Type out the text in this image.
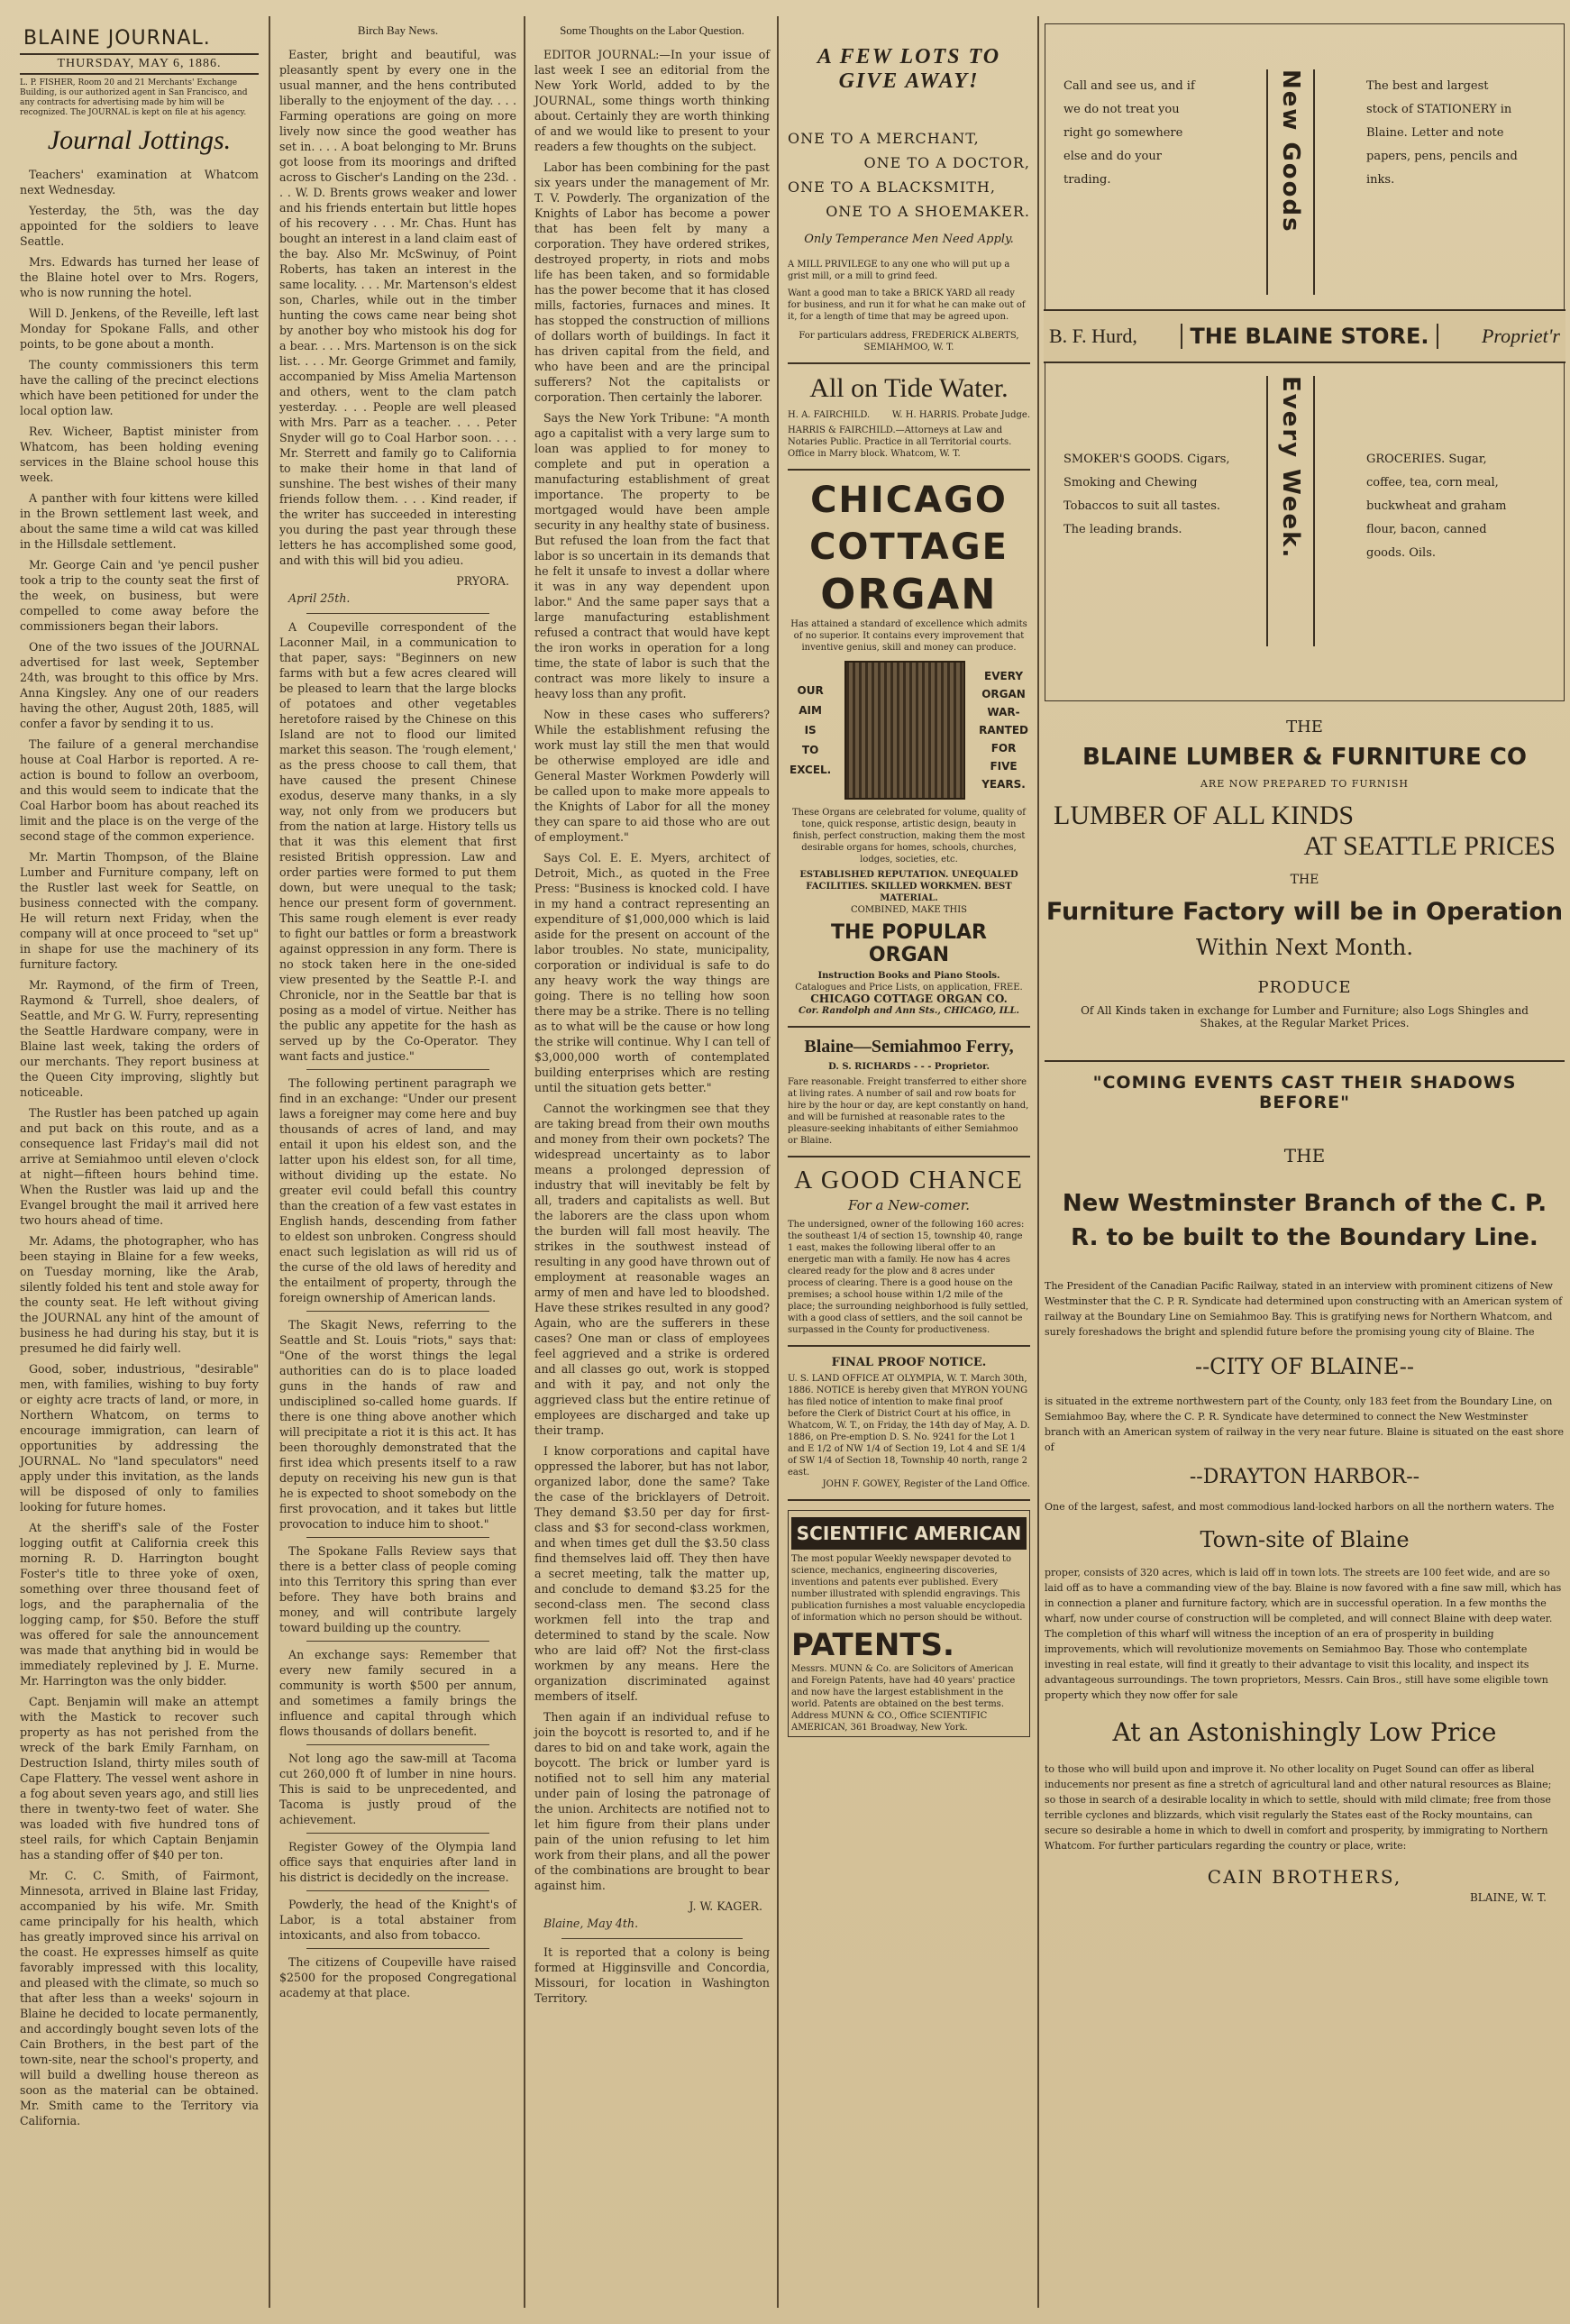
BLAINE JOURNAL.
THURSDAY, MAY 6, 1886.
L. P. FISHER, Room 20 and 21 Merchants' Exchange Building, is our authorized agent in San Francisco, and any contracts for advertising made by him will be recognized. The JOURNAL is kept on file at his agency.
Journal Jottings.

Teachers' examination at Whatcom next Wednesday.

Yesterday, the 5th, was the day appointed for the soldiers to leave Seattle.

Mrs. Edwards has turned her lease of the Blaine hotel over to Mrs. Rogers, who is now running the hotel.

Will D. Jenkens, of the Reveille, left last Monday for Spokane Falls, and other points, to be gone about a month.

The county commissioners this term have the calling of the precinct elections which have been petitioned for under the local option law.

Rev. Wicheer, Baptist minister from Whatcom, has been holding evening services in the Blaine school house this week.

A panther with four kittens were killed in the Brown settlement last week, and about the same time a wild cat was killed in the Hillsdale settlement.

Mr. George Cain and 'ye pencil pusher took a trip to the county seat the first of the week, on business, but were compelled to come away before the commissioners began their labors.

One of the two issues of the JOURNAL advertised for last week, September 24th, was brought to this office by Mrs. Anna Kingsley. Any one of our readers having the other, August 20th, 1885, will confer a favor by sending it to us.

The failure of a general merchandise house at Coal Harbor is reported. A re-action is bound to follow an overboom, and this would seem to indicate that the Coal Harbor boom has about reached its limit and the place is on the verge of the second stage of the common experience.

Mr. Martin Thompson, of the Blaine Lumber and Furniture company, left on the Rustler last week for Seattle, on business connected with the company. He will return next Friday, when the company will at once proceed to "set up" in shape for use the machinery of its furniture factory.

Mr. Raymond, of the firm of Treen, Raymond & Turrell, shoe dealers, of Seattle, and Mr G. W. Furry, representing the Seattle Hardware company, were in Blaine last week, taking the orders of our merchants. They report business at the Queen City improving, slightly but noticeable.

The Rustler has been patched up again and put back on this route, and as a consequence last Friday's mail did not arrive at Semiahmoo until eleven o'clock at night—fifteen hours behind time. When the Rustler was laid up and the Evangel brought the mail it arrived here two hours ahead of time.

Mr. Adams, the photographer, who has been staying in Blaine for a few weeks, on Tuesday morning, like the Arab, silently folded his tent and stole away for the county seat. He left without giving the JOURNAL any hint of the amount of business he had during his stay, but it is presumed he did fairly well.

Good, sober, industrious, "desirable" men, with families, wishing to buy forty or eighty acre tracts of land, or more, in Northern Whatcom, on terms to encourage immigration, can learn of opportunities by addressing the JOURNAL. No "land speculators" need apply under this invitation, as the lands will be disposed of only to families looking for future homes.

At the sheriff's sale of the Foster logging outfit at California creek this morning R. D. Harrington bought Foster's title to three yoke of oxen, something over three thousand feet of logs, and the paraphernalia of the logging camp, for $50. Before the stuff was offered for sale the announcement was made that anything bid in would be immediately replevined by J. E. Murne. Mr. Harrington was the only bidder.

Capt. Benjamin will make an attempt with the Mastick to recover such property as has not perished from the wreck of the bark Emily Farnham, on Destruction Island, thirty miles south of Cape Flattery. The vessel went ashore in a fog about seven years ago, and still lies there in twenty-two feet of water. She was loaded with five hundred tons of steel rails, for which Captain Benjamin has a standing offer of $40 per ton.

Mr. C. C. Smith, of Fairmont, Minnesota, arrived in Blaine last Friday, accompanied by his wife. Mr. Smith came principally for his health, which has greatly improved since his arrival on the coast. He expresses himself as quite favorably impressed with this locality, and pleased with the climate, so much so that after less than a weeks' sojourn in Blaine he decided to locate permanently, and accordingly bought seven lots of the Cain Brothers, in the best part of the town-site, near the school's property, and will build a dwelling house thereon as soon as the material can be obtained. Mr. Smith came to the Territory via California.

Birch Bay News.

Easter, bright and beautiful, was pleasantly spent by every one in the usual manner, and the hens contributed liberally to the enjoyment of the day. . . . Farming operations are going on more lively now since the good weather has set in. . . . A boat belonging to Mr. Bruns got loose from its moorings and drifted across to Gischer's Landing on the 23d. . . . W. D. Brents grows weaker and lower and his friends entertain but little hopes of his recovery . . . Mr. Chas. Hunt has bought an interest in a land claim east of the bay. Also Mr. McSwinuy, of Point Roberts, has taken an interest in the same locality. . . . Mr. Martenson's eldest son, Charles, while out in the timber hunting the cows came near being shot by another boy who mistook his dog for a bear. . . . Mrs. Martenson is on the sick list. . . . Mr. George Grimmet and family, accompanied by Miss Amelia Martenson and others, went to the clam patch yesterday. . . . People are well pleased with Mrs. Parr as a teacher. . . . Peter Snyder will go to Coal Harbor soon. . . . Mr. Sterrett and family go to California to make their home in that land of sunshine. The best wishes of their many friends follow them. . . . Kind reader, if the writer has succeeded in interesting you during the past year through these letters he has accomplished some good, and with this will bid you adieu.

PRYORA.
April 25th.

A Coupeville correspondent of the Laconner Mail, in a communication to that paper, says: "Beginners on new farms with but a few acres cleared will be pleased to learn that the large blocks of potatoes and other vegetables heretofore raised by the Chinese on this Island are not to flood our limited market this season. The 'rough element,' as the press choose to call them, that have caused the present Chinese exodus, deserve many thanks, in a sly way, not only from we producers but from the nation at large. History tells us that it was this element that first resisted British oppression. Law and order parties were formed to put them down, but were unequal to the task; hence our present form of government. This same rough element is ever ready to fight our battles or form a breastwork against oppression in any form. There is no stock taken here in the one-sided view presented by the Seattle P.-I. and Chronicle, nor in the Seattle bar that is posing as a model of virtue. Neither has the public any appetite for the hash as served up by the Co-Operator. They want facts and justice."

The following pertinent paragraph we find in an exchange: "Under our present laws a foreigner may come here and buy thousands of acres of land, and may entail it upon his eldest son, and the latter upon his eldest son, for all time, without dividing up the estate. No greater evil could befall this country than the creation of a few vast estates in English hands, descending from father to eldest son unbroken. Congress should enact such legislation as will rid us of the curse of the old laws of heredity and the entailment of property, through the foreign ownership of American lands.

The Skagit News, referring to the Seattle and St. Louis "riots," says that: "One of the worst things the legal authorities can do is to place loaded guns in the hands of raw and undisciplined so-called home guards. If there is one thing above another which will precipitate a riot it is this act. It has been thoroughly demonstrated that the first idea which presents itself to a raw deputy on receiving his new gun is that he is expected to shoot somebody on the first provocation, and it takes but little provocation to induce him to shoot."

The Spokane Falls Review says that there is a better class of people coming into this Territory this spring than ever before. They have both brains and money, and will contribute largely toward building up the country.

An exchange says: Remember that every new family secured in a community is worth $500 per annum, and sometimes a family brings the influence and capital through which flows thousands of dollars benefit.

Not long ago the saw-mill at Tacoma cut 260,000 ft of lumber in nine hours. This is said to be unprecedented, and Tacoma is justly proud of the achievement.

Register Gowey of the Olympia land office says that enquiries after land in his district is decidedly on the increase.

Powderly, the head of the Knight's of Labor, is a total abstainer from intoxicants, and also from tobacco.

The citizens of Coupeville have raised $2500 for the proposed Congregational academy at that place.

Some Thoughts on the Labor Question.

EDITOR JOURNAL:—In your issue of last week I see an editorial from the New York World, added to by the JOURNAL, some things worth thinking about. Certainly they are worth thinking of and we would like to present to your readers a few thoughts on the subject.

Labor has been combining for the past six years under the management of Mr. T. V. Powderly. The organization of the Knights of Labor has become a power that has been felt by many a corporation. They have ordered strikes, destroyed property, in riots and mobs life has been taken, and so formidable has the power become that it has closed mills, factories, furnaces and mines. It has stopped the construction of millions of dollars worth of buildings. In fact it has driven capital from the field, and who have been and are the principal sufferers? Not the capitalists or corporation. Then certainly the laborer.

Says the New York Tribune: "A month ago a capitalist with a very large sum to loan was applied to for money to complete and put in operation a manufacturing establishment of great importance. The property to be mortgaged would have been ample security in any healthy state of business. But refused the loan from the fact that labor is so uncertain in its demands that he felt it unsafe to invest a dollar where it was in any way dependent upon labor." And the same paper says that a large manufacturing establishment refused a contract that would have kept the iron works in operation for a long time, the state of labor is such that the contract was more likely to insure a heavy loss than any profit.

Now in these cases who sufferers? While the establishment refusing the work must lay still the men that would be otherwise employed are idle and General Master Workmen Powderly will be called upon to make more appeals to the Knights of Labor for all the money they can spare to aid those who are out of employment."

Says Col. E. E. Myers, architect of Detroit, Mich., as quoted in the Free Press: "Business is knocked cold. I have in my hand a contract representing an expenditure of $1,000,000 which is laid aside for the present on account of the labor troubles. No state, municipality, corporation or individual is safe to do any heavy work the way things are going. There is no telling how soon there may be a strike. There is no telling as to what will be the cause or how long the strike will continue. Why I can tell of $3,000,000 worth of contemplated building enterprises which are resting until the situation gets better."

Cannot the workingmen see that they are taking bread from their own mouths and money from their own pockets? The widespread uncertainty as to labor means a prolonged depression of industry that will inevitably be felt by all, traders and capitalists as well. But the laborers are the class upon whom the burden will fall most heavily. The strikes in the southwest instead of resulting in any good have thrown out of employment at reasonable wages an army of men and have led to bloodshed. Have these strikes resulted in any good? Again, who are the sufferers in these cases? One man or class of employees feel aggrieved and a strike is ordered and all classes go out, work is stopped and with it pay, and not only the aggrieved class but the entire retinue of employees are discharged and take up their tramp.

I know corporations and capital have oppressed the laborer, but has not labor, organized labor, done the same? Take the case of the bricklayers of Detroit. They demand $3.50 per day for first-class and $3 for second-class workmen, and when times get dull the $3.50 class find themselves laid off. They then have a secret meeting, talk the matter up, and conclude to demand $3.25 for the second-class men. The second class workmen fell into the trap and determined to stand by the scale. Now who are laid off? Not the first-class workmen by any means. Here the organization discriminated against members of itself.

Then again if an individual refuse to join the boycott is resorted to, and if he dares to bid on and take work, again the boycott. The brick or lumber yard is notified not to sell him any material under pain of losing the patronage of the union. Architects are notified not to let him figure from their plans under pain of the union refusing to let him work from their plans, and all the power of the combinations are brought to bear against him.

J. W. KAGER.
Blaine, May 4th.

It is reported that a colony is being formed at Higginsville and Concordia, Missouri, for location in Washington Territory.

A FEW LOTS TO GIVE AWAY!
ONE TO A MERCHANT,
ONE TO A DOCTOR,
ONE TO A BLACKSMITH,
ONE TO A SHOEMAKER.
Only Temperance Men Need Apply.
A MILL PRIVILEGE to any one who will put up a grist mill, or a mill to grind feed.
Want a good man to take a BRICK YARD all ready for business, and run it for what he can make out of it, for a length of time that may be agreed upon.
For particulars address, FREDERICK ALBERTS, SEMIAHMOO, W. T.
All on Tide Water.
H. A. FAIRCHILD. W. H. HARRIS. Probate Judge.
HARRIS & FAIRCHILD.—Attorneys at Law and Notaries Public. Practice in all Territorial courts. Office in Marry block. Whatcom, W. T.
CHICAGO
COTTAGE
ORGAN
Has attained a standard of excellence which admits of no superior. It contains every improvement that inventive genius, skill and money can produce.
OUR
AIM
IS
TO
EXCEL.
EVERY
ORGAN
WAR-
RANTED
FOR
FIVE
YEARS.
These Organs are celebrated for volume, quality of tone, quick response, artistic design, beauty in finish, perfect construction, making them the most desirable organs for homes, schools, churches, lodges, societies, etc.
ESTABLISHED REPUTATION. UNEQUALED FACILITIES. SKILLED WORKMEN. BEST MATERIAL.
COMBINED, MAKE THIS
THE POPULAR ORGAN
Instruction Books and Piano Stools.
Catalogues and Price Lists, on application, FREE.
CHICAGO COTTAGE ORGAN CO.
Cor. Randolph and Ann Sts., CHICAGO, ILL.
Blaine—Semiahmoo Ferry,
D. S. RICHARDS - - - Proprietor.
Fare reasonable. Freight transferred to either shore at living rates. A number of sail and row boats for hire by the hour or day, are kept constantly on hand, and will be furnished at reasonable rates to the pleasure-seeking inhabitants of either Semiahmoo or Blaine.
A GOOD CHANCE
For a New-comer.
The undersigned, owner of the following 160 acres: the southeast 1/4 of section 15, township 40, range 1 east, makes the following liberal offer to an energetic man with a family. He now has 4 acres cleared ready for the plow and 8 acres under process of clearing. There is a good house on the premises; a school house within 1/2 mile of the place; the surrounding neighborhood is fully settled, with a good class of settlers, and the soil cannot be surpassed in the County for productiveness.
FINAL PROOF NOTICE.
U. S. LAND OFFICE AT OLYMPIA, W. T. March 30th, 1886. NOTICE is hereby given that MYRON YOUNG has filed notice of intention to make final proof before the Clerk of District Court at his office, in Whatcom, W. T., on Friday, the 14th day of May, A. D. 1886, on Pre-emption D. S. No. 9241 for the Lot 1 and E 1/2 of NW 1/4 of Section 19, Lot 4 and SE 1/4 of SW 1/4 of Section 18, Township 40 north, range 2 east.
JOHN F. GOWEY, Register of the Land Office.
SCIENTIFIC AMERICAN
The most popular Weekly newspaper devoted to science, mechanics, engineering discoveries, inventions and patents ever published. Every number illustrated with splendid engravings. This publication furnishes a most valuable encyclopedia of information which no person should be without.
PATENTS.
Messrs. MUNN & Co. are Solicitors of American and Foreign Patents, have had 40 years' practice and now have the largest establishment in the world. Patents are obtained on the best terms. Address MUNN & CO., Office SCIENTIFIC AMERICAN, 361 Broadway, New York.
Call and see us, and if we do not treat you right go somewhere else and do your trading.	New Goods	The best and largest stock of STATIONERY in Blaine. Letter and note papers, pens, pencils and inks.
B. F. Hurd,	THE BLAINE STORE.	Propriet'r
SMOKER'S GOODS. Cigars, Smoking and Chewing Tobaccos to suit all tastes. The leading brands.	Every Week.	GROCERIES. Sugar, coffee, tea, corn meal, buckwheat and graham flour, bacon, canned goods. Oils.
THE
BLAINE LUMBER & FURNITURE CO
ARE NOW PREPARED TO FURNISH
LUMBER OF ALL KINDS
AT SEATTLE PRICES
THE
Furniture Factory will be in Operation
Within Next Month.
PRODUCE
Of All Kinds taken in exchange for Lumber and Furniture; also Logs Shingles and Shakes, at the Regular Market Prices.
"COMING EVENTS CAST THEIR SHADOWS BEFORE"
THE
New Westminster Branch of the C. P. R. to be built to the Boundary Line.
The President of the Canadian Pacific Railway, stated in an interview with prominent citizens of New Westminster that the C. P. R. Syndicate had determined upon constructing with an American system of railway at the Boundary Line on Semiahmoo Bay. This is gratifying news for Northern Whatcom, and surely foreshadows the bright and splendid future before the promising young city of Blaine. The
--CITY OF BLAINE--
is situated in the extreme northwestern part of the County, only 183 feet from the Boundary Line, on Semiahmoo Bay, where the C. P. R. Syndicate have determined to connect the New Westminster branch with an American system of railway in the very near future. Blaine is situated on the east shore of
--DRAYTON HARBOR--
One of the largest, safest, and most commodious land-locked harbors on all the northern waters. The
Town-site of Blaine
proper, consists of 320 acres, which is laid off in town lots. The streets are 100 feet wide, and are so laid off as to have a commanding view of the bay. Blaine is now favored with a fine saw mill, which has in connection a planer and furniture factory, which are in successful operation. In a few months the wharf, now under course of construction will be completed, and will connect Blaine with deep water. The completion of this wharf will witness the inception of an era of prosperity in building improvements, which will revolutionize movements on Semiahmoo Bay. Those who contemplate investing in real estate, will find it greatly to their advantage to visit this locality, and inspect its advantageous surroundings. The town proprietors, Messrs. Cain Bros., still have some eligible town property which they now offer for sale
At an Astonishingly Low Price
to those who will build upon and improve it. No other locality on Puget Sound can offer as liberal inducements nor present as fine a stretch of agricultural land and other natural resources as Blaine; so those in search of a desirable locality in which to settle, should with mild climate; free from those terrible cyclones and blizzards, which visit regularly the States east of the Rocky mountains, can secure so desirable a home in which to dwell in comfort and prosperity, by immigrating to Northern Whatcom. For further particulars regarding the country or place, write:
CAIN BROTHERS,
BLAINE, W. T.
